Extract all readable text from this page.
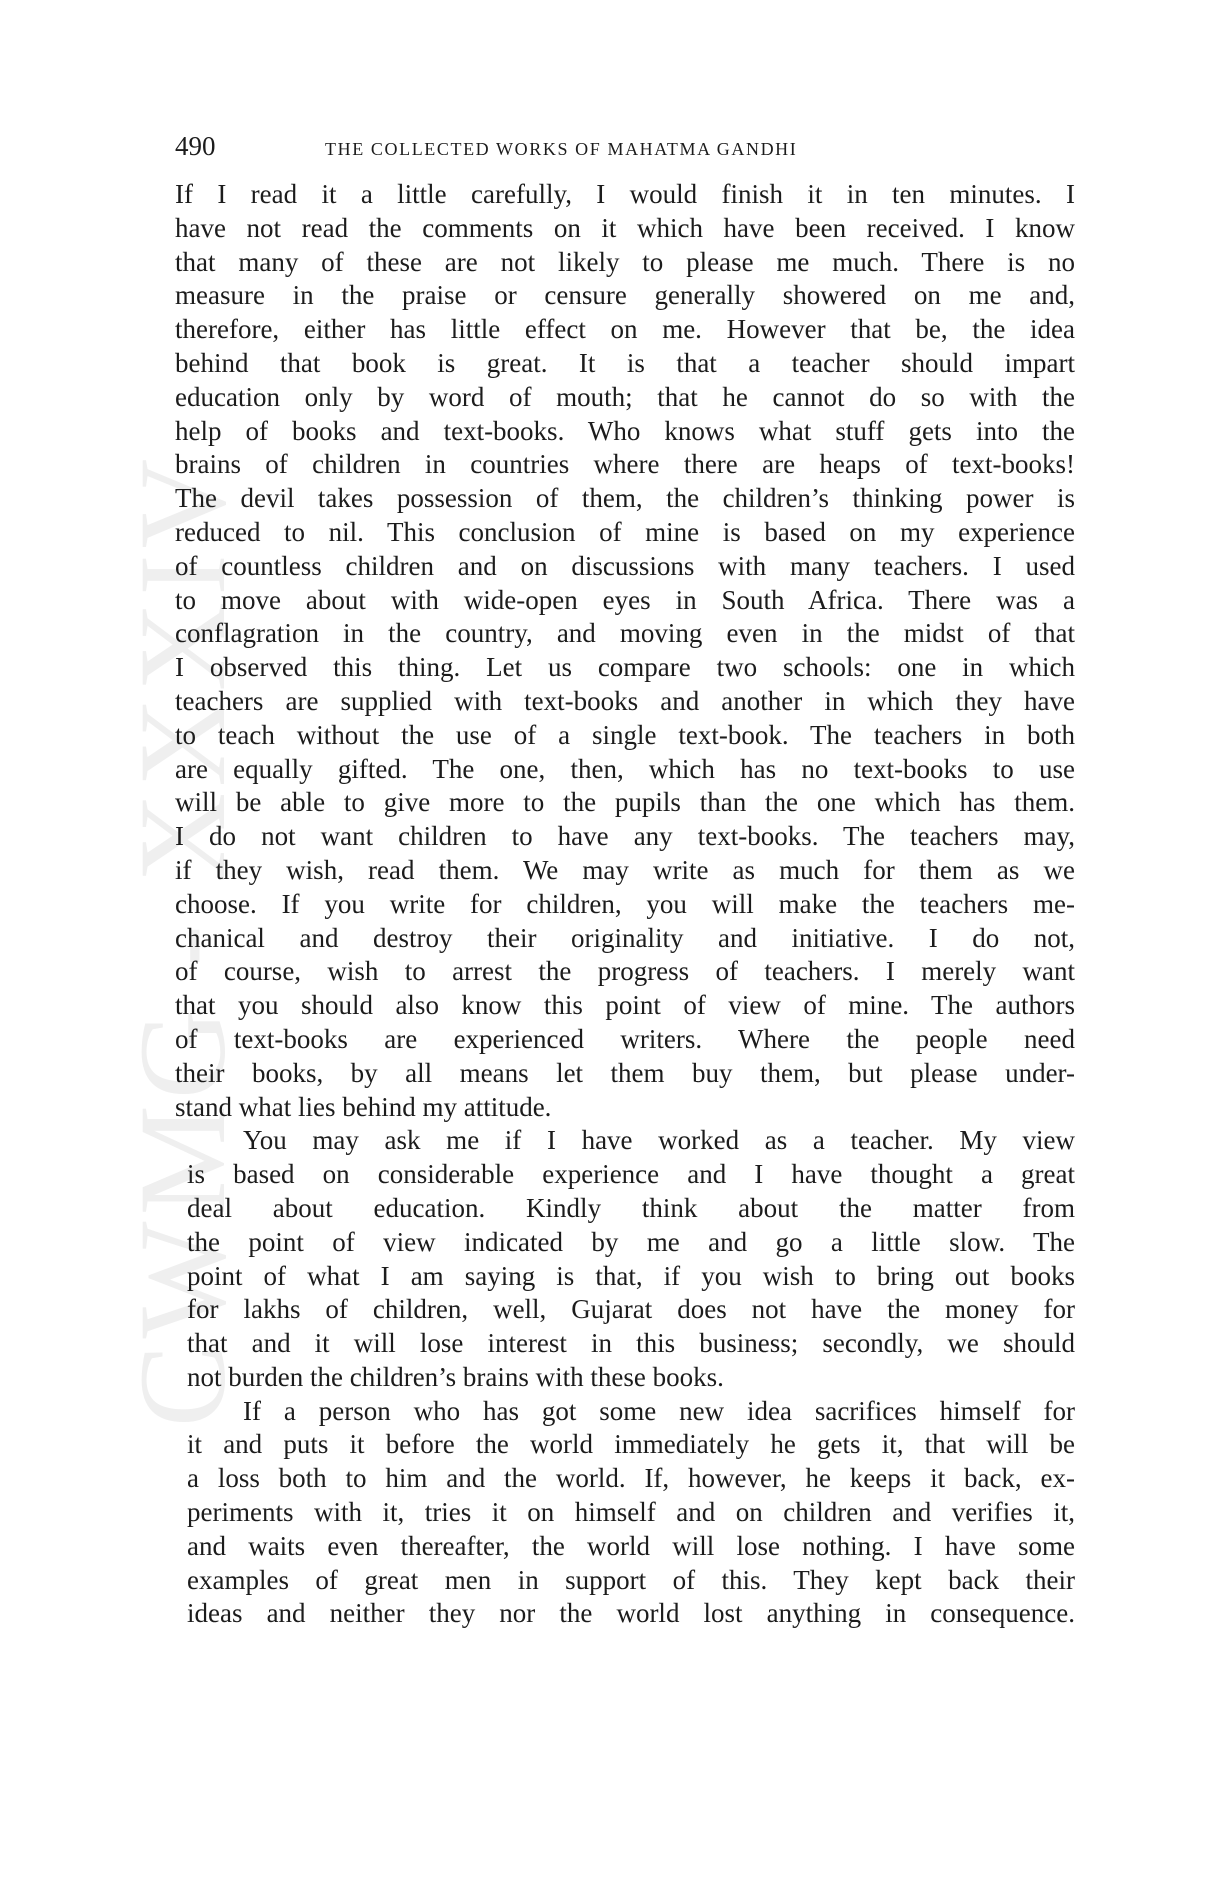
CWMG - XXXIV
490	THE COLLECTED WORKS OF MAHATMA GANDHI

If I read it a little carefully, I would finish it in ten minutes. I
have not read the comments on it which have been received. I know
that many of these are not likely to please me much. There is no
measure in the praise or censure generally showered on me and,
therefore, either has little effect on me. However that be, the idea
behind that book is great. It is that a teacher should impart
education only by word of mouth; that he cannot do so with the
help of books and text-books. Who knows what stuff gets into the
brains of children in countries where there are heaps of text-books!
The devil takes possession of them, the children’s thinking power is
reduced to nil. This conclusion of mine is based on my experience
of countless children and on discussions with many teachers. I used
to move about with wide-open eyes in South Africa. There was a
conflagration in the country, and moving even in the midst of that
I observed this thing. Let us compare two schools: one in which
teachers are supplied with text-books and another in which they have
to teach without the use of a single text-book. The teachers in both
are equally gifted. The one, then, which has no text-books to use
will be able to give more to the pupils than the one which has them.
I do not want children to have any text-books. The teachers may,
if they wish, read them. We may write as much for them as we
choose. If you write for children, you will make the teachers me-
chanical and destroy their originality and initiative. I do not,
of course, wish to arrest the progress of teachers. I merely want
that you should also know this point of view of mine. The authors
of text-books are experienced writers. Where the people need
their books, by all means let them buy them, but please under-
stand what lies behind my attitude.

You may ask me if I have worked as a teacher. My view
is based on considerable experience and I have thought a great
deal about education. Kindly think about the matter from
the point of view indicated by me and go a little slow. The
point of what I am saying is that, if you wish to bring out books
for lakhs of children, well, Gujarat does not have the money for
that and it will lose interest in this business; secondly, we should
not burden the children’s brains with these books.

If a person who has got some new idea sacrifices himself for
it and puts it before the world immediately he gets it, that will be
a loss both to him and the world. If, however, he keeps it back, ex-
periments with it, tries it on himself and on children and verifies it,
and waits even thereafter, the world will lose nothing. I have some
examples of great men in support of this. They kept back their
ideas and neither they nor the world lost anything in consequence.
